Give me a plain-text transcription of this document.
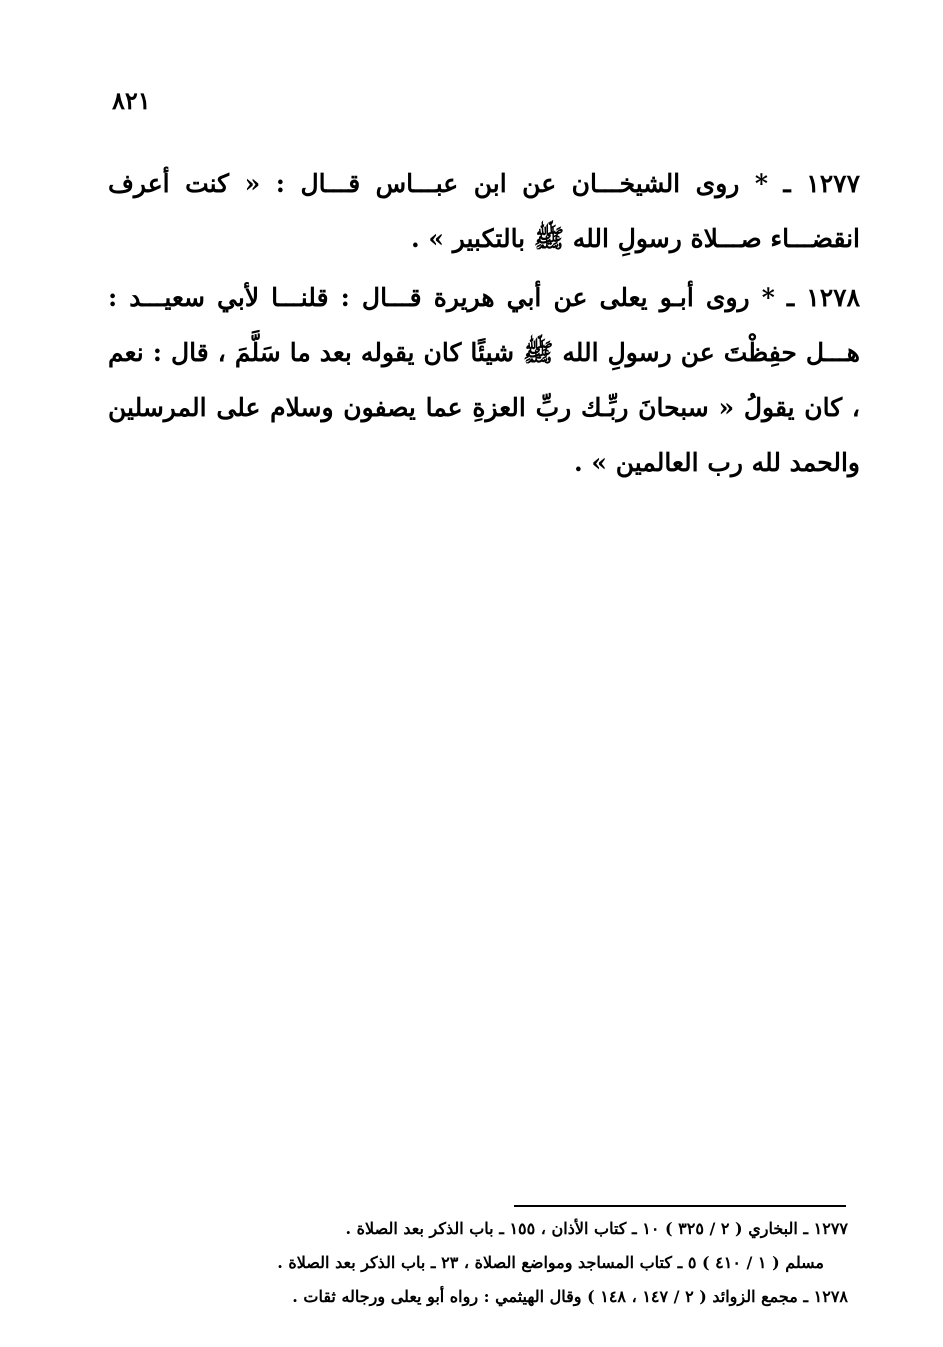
٨٢١

١٢٧٧ ـ * روى الشيخـــان عن ابن عبـــاس قـــال : « كنت أعرف انقضـــاء صـــلاة رسولِ الله ﷺ بالتكبير » .

١٢٧٨ ـ * روى أبـو يعلى عن أبي هريرة قـــال : قلنـــا لأبي سعيـــد : هـــل حفِظْتَ عن رسولِ الله ﷺ شيئًا كان يقوله بعد ما سَلَّمَ ، قال : نعم ، كان يقولُ « سبحانَ ربِّـك ربِّ العزةِ عما يصفون وسلام على المرسلين والحمد لله رب العالمين » .

١٢٧٧ ـ البخاري ( ٢ / ٣٢٥ ) ١٠ ـ كتاب الأذان ، ١٥٥ ـ باب الذكر بعد الصلاة .
مسلم ( ١ / ٤١٠ ) ٥ ـ كتاب المساجد ومواضع الصلاة ، ٢٣ ـ باب الذكر بعد الصلاة .
١٢٧٨ ـ مجمع الزوائد ( ٢ / ١٤٧ ، ١٤٨ ) وقال الهيثمي : رواه أبو يعلى ورجاله ثقات .
